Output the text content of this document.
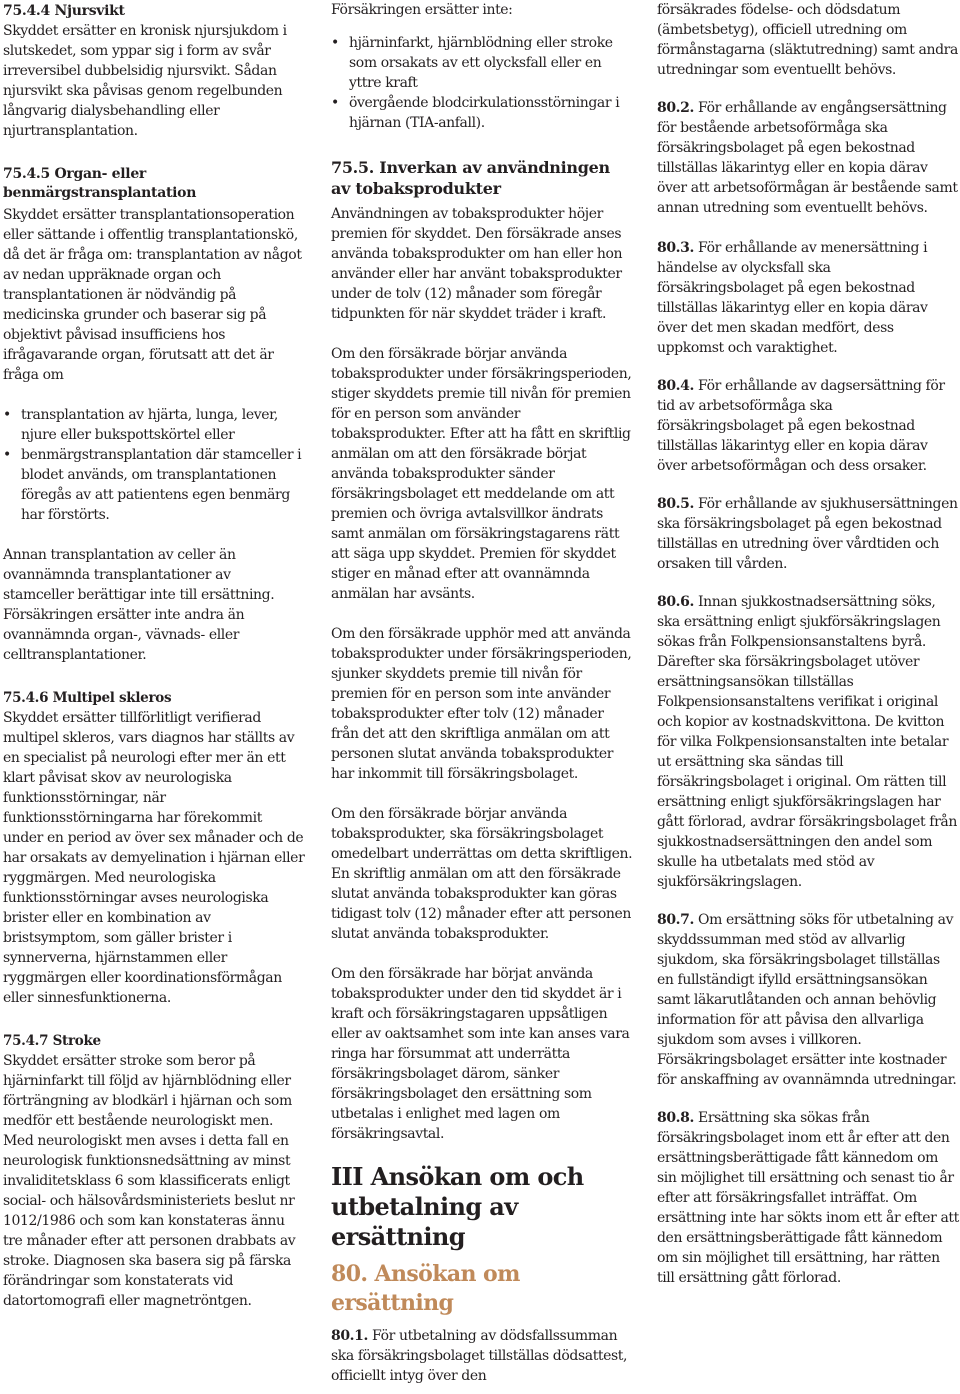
75.4.4 Njursvikt

Skyddet ersätter en kronisk njursjukdom i slutskedet, som yppar sig i form av svår irreversibel dubbelsidig njursvikt. Sådan njursvikt ska påvisas genom regelbunden långvarig dialysbehandling eller njurtransplantation.

75.4.5 Organ- eller benmärgstransplantation

Skyddet ersätter transplantationsoperation eller sättande i offentlig transplantationskö, då det är fråga om: transplantation av något av nedan uppräknade organ och transplantationen är nödvändig på medicinska grunder och baserar sig på objektivt påvisad insufficiens hos ifrågavarande organ, förutsatt att det är fråga om

• transplantation av hjärta, lunga, lever, njure eller bukspottskörtel eller
• benmärgstransplantation där stamceller i blodet används, om transplantationen föregås av att patientens egen benmärg har förstörts.

Annan transplantation av celler än ovannämnda transplantationer av stamceller berättigar inte till ersättning. Försäkringen ersätter inte andra än ovannämnda organ-, vävnads- eller celltransplantationer.

75.4.6 Multipel skleros

Skyddet ersätter tillförlitligt verifierad multipel skleros, vars diagnos har ställts av en specialist på neurologi efter mer än ett klart påvisat skov av neurologiska funktionsstörningar, när funktionsstörningarna har förekommit under en period av över sex månader och de har orsakats av demyelination i hjärnan eller ryggmärgen. Med neurologiska funktionsstörningar avses neurologiska brister eller en kombination av bristsymptom, som gäller brister i synnerverna, hjärnstammen eller ryggmärgen eller koordinationsförmågan eller sinnesfunktionerna.

75.4.7 Stroke

Skyddet ersätter stroke som beror på hjärninfarkt till följd av hjärnblödning eller förträngning av blodkärl i hjärnan och som medför ett bestående neurologiskt men. Med neurologiskt men avses i detta fall en neurologisk funktionsnedsättning av minst invaliditetsklass 6 som klassificerats enligt social- och hälsovårdsministeriets beslut nr 1012/1986 och som kan konstateras ännu tre månader efter att personen drabbats av stroke. Diagnosen ska basera sig på färska förändringar som konstaterats vid datortomografi eller magnetröntgen.

Försäkringen ersätter inte:

• hjärninfarkt, hjärnblödning eller stroke som orsakats av ett olycksfall eller en yttre kraft
• övergående blodcirkulationsstörningar i hjärnan (TIA-anfall).
75.5. Inverkan av användningen av tobaksprodukter

Användningen av tobaksprodukter höjer premien för skyddet. Den försäkrade anses använda tobaksprodukter om han eller hon använder eller har använt tobaksprodukter under de tolv (12) månader som föregår tidpunkten för när skyddet träder i kraft.

Om den försäkrade börjar använda tobaksprodukter under försäkringsperioden, stiger skyddets premie till nivån för premien för en person som använder tobaksprodukter. Efter att ha fått en skriftlig anmälan om att den försäkrade börjat använda tobaksprodukter sänder försäkringsbolaget ett meddelande om att premien och övriga avtalsvillkor ändrats samt anmälan om försäkringstagarens rätt att säga upp skyddet. Premien för skyddet stiger en månad efter att ovannämnda anmälan har avsänts.

Om den försäkrade upphör med att använda tobaksprodukter under försäkringsperioden, sjunker skyddets premie till nivån för premien för en person som inte använder tobaksprodukter efter tolv (12) månader från det att den skriftliga anmälan om att personen slutat använda tobaksprodukter har inkommit till försäkringsbolaget.

Om den försäkrade börjar använda tobaksprodukter, ska försäkringsbolaget omedelbart underrättas om detta skriftligen. En skriftlig anmälan om att den försäkrade slutat använda tobaksprodukter kan göras tidigast tolv (12) månader efter att personen slutat använda tobaksprodukter.

Om den försäkrade har börjat använda tobaksprodukter under den tid skyddet är i kraft och försäkringstagaren uppsåtligen eller av oaktsamhet som inte kan anses vara ringa har försummat att underrätta försäkringsbolaget därom, sänker försäkringsbolaget den ersättning som utbetalas i enlighet med lagen om försäkringsavtal.

III Ansökan om och utbetalning av ersättning
80. Ansökan om ersättning

80.1. För utbetalning av dödsfallssumman ska försäkringsbolaget tillställas dödsattest, officiellt intyg över den

försäkrades födelse- och dödsdatum (ämbetsbetyg), officiell utredning om förmånstagarna (släktutredning) samt andra utredningar som eventuellt behövs.

80.2. För erhållande av engångsersättning för bestående arbetsoförmåga ska försäkringsbolaget på egen bekostnad tillställas läkarintyg eller en kopia därav över att arbetsoförmågan är bestående samt annan utredning som eventuellt behövs.

80.3. För erhållande av menersättning i händelse av olycksfall ska försäkringsbolaget på egen bekostnad tillställas läkarintyg eller en kopia därav över det men skadan medfört, dess uppkomst och varaktighet.

80.4. För erhållande av dagsersättning för tid av arbetsoförmåga ska försäkringsbolaget på egen bekostnad tillställas läkarintyg eller en kopia därav över arbetsoförmågan och dess orsaker.

80.5. För erhållande av sjukhusersättningen ska försäkringsbolaget på egen bekostnad tillställas en utredning över vårdtiden och orsaken till vården.

80.6. Innan sjukkostnadsersättning söks, ska ersättning enligt sjukförsäkringslagen sökas från Folkpensionsanstaltens byrå. Därefter ska försäkringsbolaget utöver ersättningsansökan tillställas Folkpensionsanstaltens verifikat i original och kopior av kostnadskvittona. De kvitton för vilka Folkpensionsanstalten inte betalar ut ersättning ska sändas till försäkringsbolaget i original. Om rätten till ersättning enligt sjukförsäkringslagen har gått förlorad, avdrar försäkringsbolaget från sjukkostnadsersättningen den andel som skulle ha utbetalats med stöd av sjukförsäkringslagen.

80.7. Om ersättning söks för utbetalning av skyddssumman med stöd av allvarlig sjukdom, ska försäkringsbolaget tillställas en fullständigt ifylld ersättningsansökan samt läkarutlåtanden och annan behövlig information för att påvisa den allvarliga sjukdom som avses i villkoren. Försäkringsbolaget ersätter inte kostnader för anskaffning av ovannämnda utredningar.

80.8. Ersättning ska sökas från försäkringsbolaget inom ett år efter att den ersättningsberättigade fått kännedom om sin möjlighet till ersättning och senast tio år efter att försäkringsfallet inträffat. Om ersättning inte har sökts inom ett år efter att den ersättningsberättigade fått kännedom om sin möjlighet till ersättning, har rätten till ersättning gått förlorad.
